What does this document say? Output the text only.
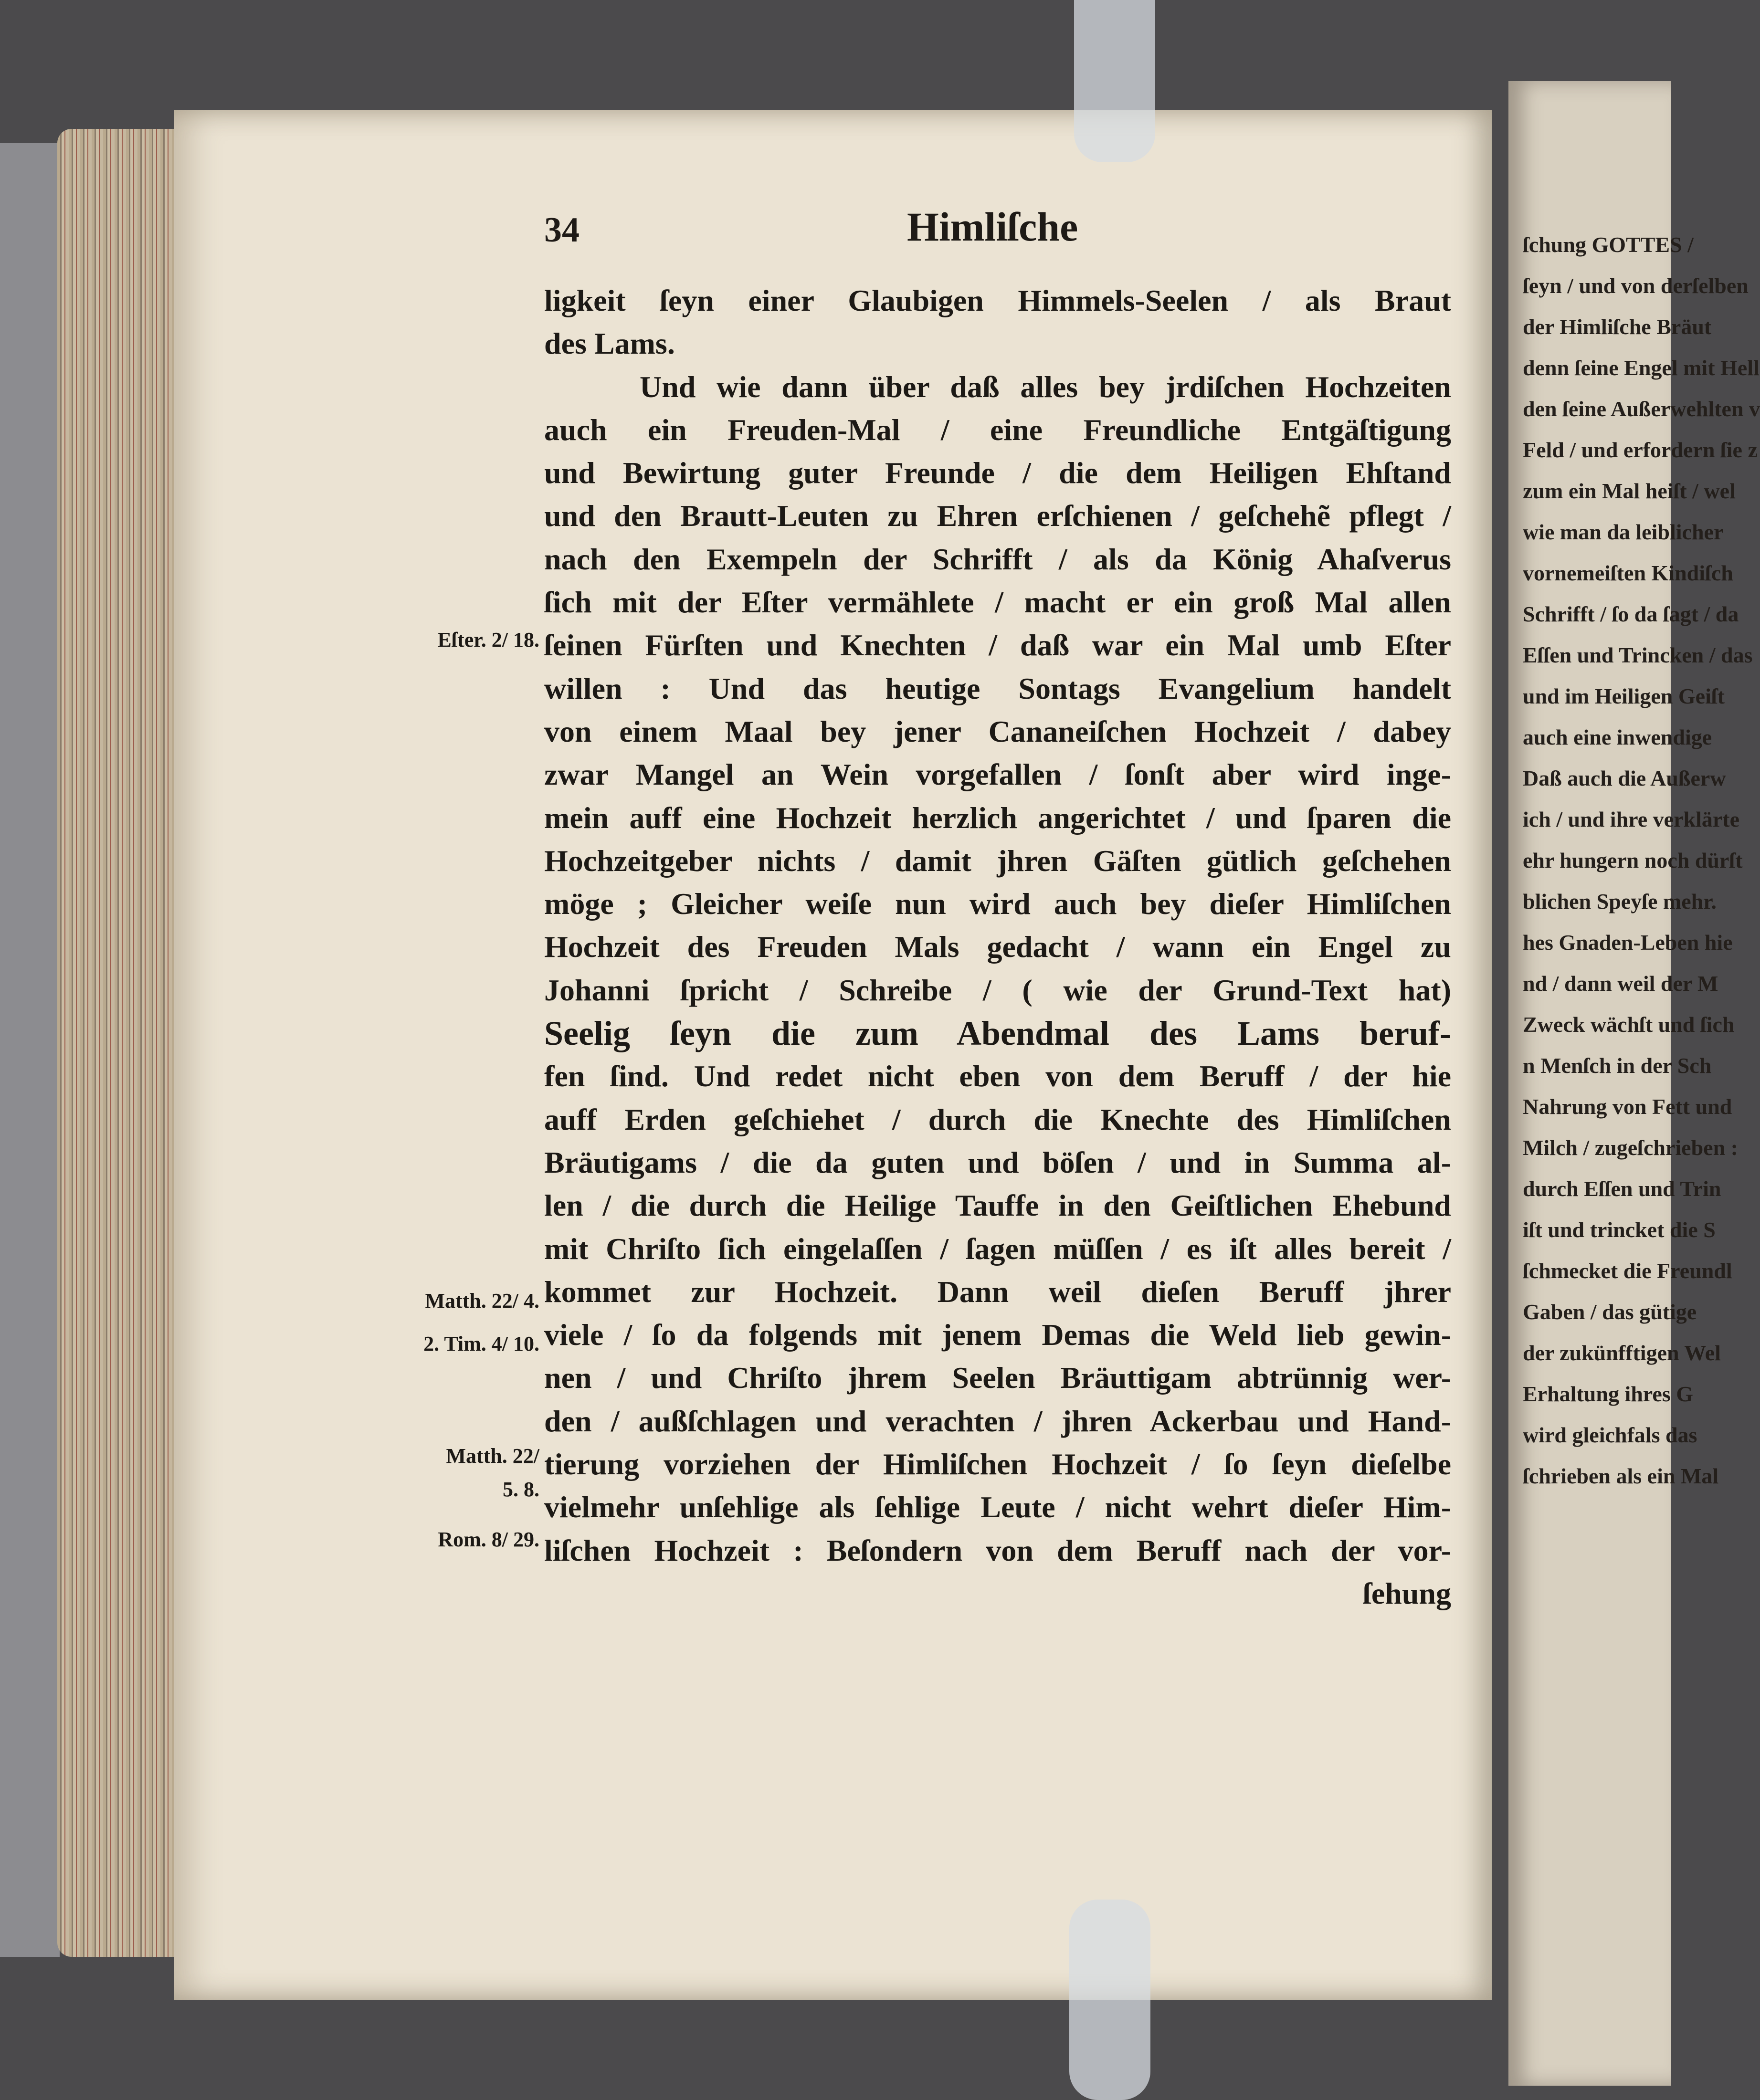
34	Himliſche
ligkeit ſeyn einer Glaubigen Himmels-Seelen / als Braut
des Lams.
Und wie dann über daß alles bey jrdiſchen Hochzeiten
auch ein Freuden-Mal / eine Freundliche Entgäſtigung
und Bewirtung guter Freunde / die dem Heiligen Ehſtand
und den Brautt-Leuten zu Ehren erſchienen / geſchehẽ pflegt /
nach den Exempeln der Schrifft / als da König Ahaſverus
ſich mit der Eſter vermählete / macht er ein groß Mal allen
ſeinen Fürſten und Knechten / daß war ein Mal umb Eſter
willen : Und das heutige Sontags Evangelium handelt
von einem Maal bey jener Cananeiſchen Hochzeit / dabey
zwar Mangel an Wein vorgefallen / ſonſt aber wird inge-
mein auff eine Hochzeit herzlich angerichtet / und ſparen die
Hochzeitgeber nichts / damit jhren Gäſten gütlich geſchehen
möge ; Gleicher weiſe nun wird auch bey dieſer Himliſchen
Hochzeit des Freuden Mals gedacht / wann ein Engel zu
Johanni ſpricht / Schreibe / ( wie der Grund-Text hat)
Seelig ſeyn die zum Abendmal des Lams beruf-
fen ſind. Und redet nicht eben von dem Beruff / der hie
auff Erden geſchiehet / durch die Knechte des Himliſchen
Bräutigams / die da guten und böſen / und in Summa al-
len / die durch die Heilige Tauffe in den Geiſtlichen Ehebund
mit Chriſto ſich eingelaſſen / ſagen müſſen / es iſt alles bereit /
kommet zur Hochzeit. Dann weil dieſen Beruff jhrer
viele / ſo da folgends mit jenem Demas die Weld lieb gewin-
nen / und Chriſto jhrem Seelen Bräuttigam abtrünnig wer-
den / außſchlagen und verachten / jhren Ackerbau und Hand-
tierung vorziehen der Himliſchen Hochzeit / ſo ſeyn dieſelbe
vielmehr unſehlige als ſehlige Leute / nicht wehrt dieſer Him-
liſchen Hochzeit : Beſondern von dem Beruff nach der vor-
ſehung
Eſter. 2/ 18.
Matth. 22/ 4.
2. Tim. 4/ 10.
Matth. 22/
5. 8.
Rom. 8/ 29.
ſchung GOTTES /
ſeyn / und von derſelben
der Himliſche Bräut
denn ſeine Engel mit Hell
den ſeine Außerwehlten v
Feld / und erfordern ſie z
zum ein Mal heiſt / wel
wie man da leiblicher
vornemeiſten Kindiſch
Schrifft / ſo da ſagt / da
Eſſen und Trincken / das
und im Heiligen Geiſt
auch eine inwendige
Daß auch die Außerw
ich / und ihre verklärte
ehr hungern noch dürſt
blichen Speyſe mehr.
hes Gnaden-Leben hie
nd / dann weil der M
Zweck wächſt und ſich
n Menſch in der Sch
Nahrung von Fett und
Milch / zugeſchrieben :
durch Eſſen und Trin
iſt und trincket die S
ſchmecket die Freundl
Gaben / das gütige
der zukünfftigen Wel
Erhaltung ihres G
wird gleichfals das
ſchrieben als ein Mal
